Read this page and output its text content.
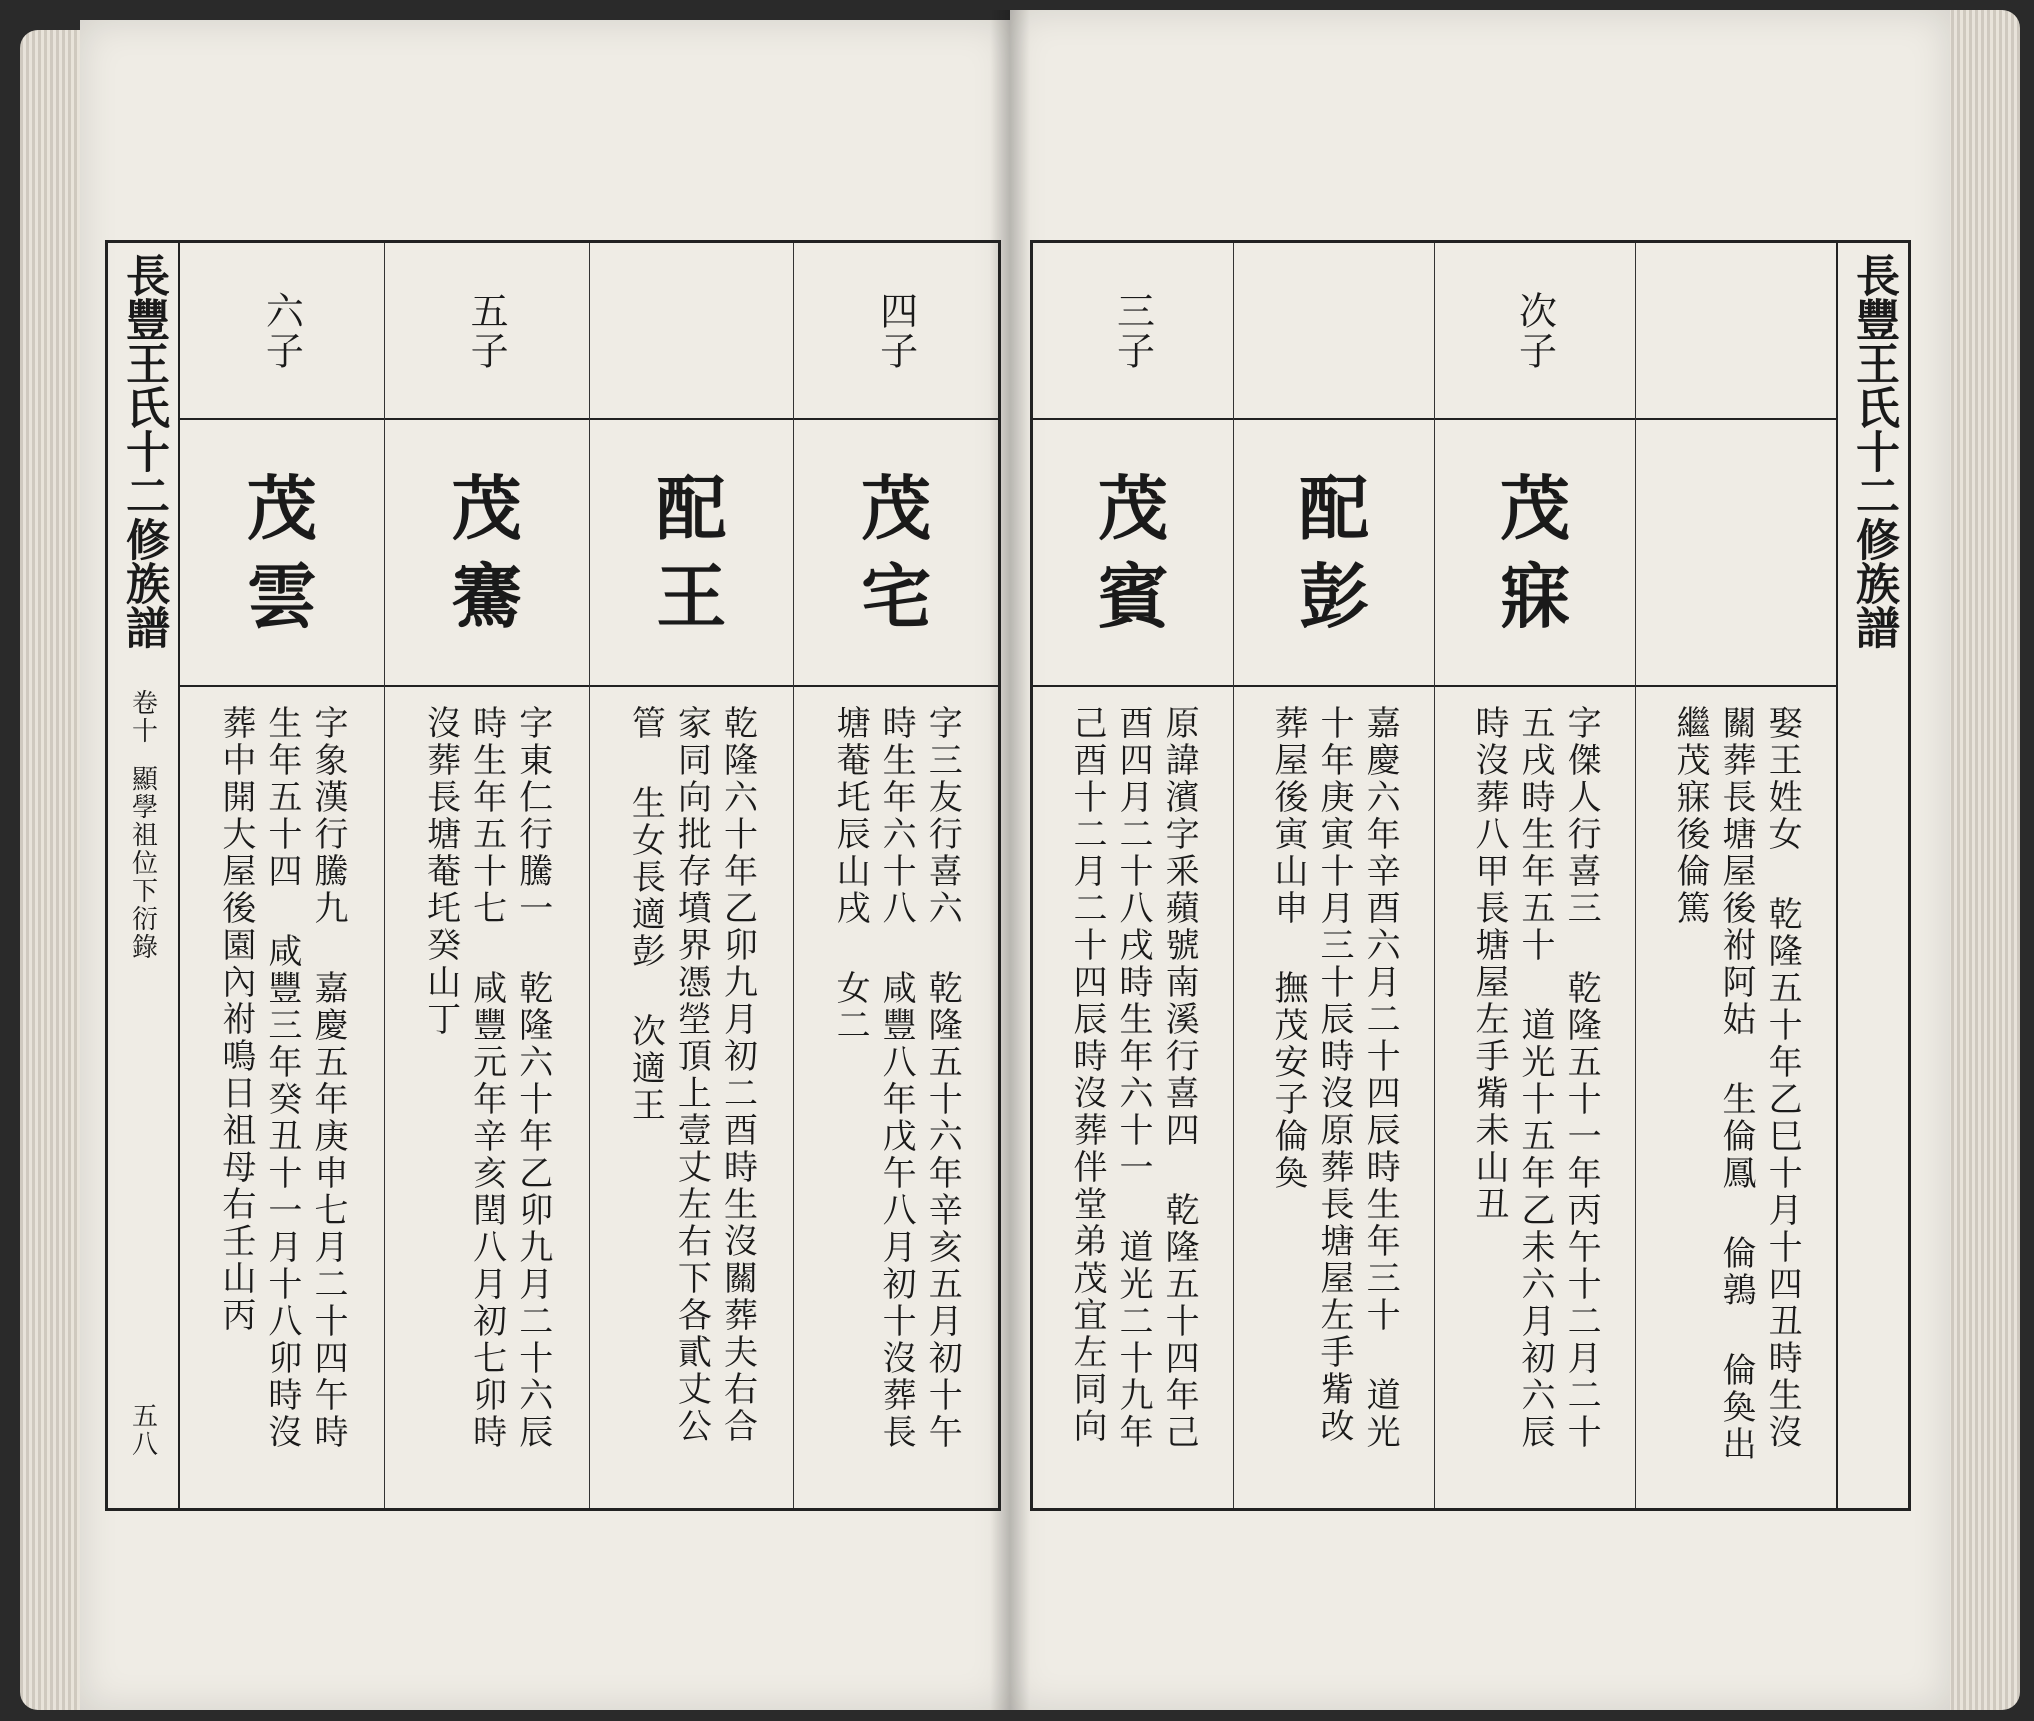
長豐王氏十二修族譜
卷十
顯學祖位下衍錄
五八
四子
茂
宅
字三友行喜六 乾隆五十六年辛亥五月初十午
時生年六十八 咸豐八年戊午八月初十沒葬長
塘菴圫辰山戌 女二
配
王
乾隆六十年乙卯九月初二酉時生沒關葬夫右合
家同向批存墳界憑塋頂上壹丈左右下各貳丈公
管 生女長適彭 次適王
五子
茂
騫
字東仁行騰一 乾隆六十年乙卯九月二十六辰
時生年五十七 咸豐元年辛亥閏八月初七卯時
沒葬長塘菴圫癸山丁
六子
茂
雲
字象漢行騰九 嘉慶五年庚申七月二十四午時
生年五十四 咸豐三年癸丑十一月十八卯時沒
葬中開大屋後園內祔鳴日祖母右壬山丙	娶王姓女 乾隆五十年乙巳十月十四丑時生沒
關葬長塘屋後祔阿姑 生倫鳳 倫鶉 倫奐出
繼茂寐後倫篤
次子
茂
寐
字傑人行喜三 乾隆五十一年丙午十二月二十
五戌時生年五十 道光十五年乙未六月初六辰
時沒葬八甲長塘屋左手觜未山丑
配
彭
嘉慶六年辛酉六月二十四辰時生年三十 道光
十年庚寅十月三十辰時沒原葬長塘屋左手觜改
葬屋後寅山申 撫茂安子倫奐
三子
茂
賓
原諱濱字釆蘋號南溪行喜四 乾隆五十四年己
酉四月二十八戌時生年六十一 道光二十九年
己酉十二月二十四辰時沒葬伴堂弟茂宜左同向
長豐王氏十二修族譜
